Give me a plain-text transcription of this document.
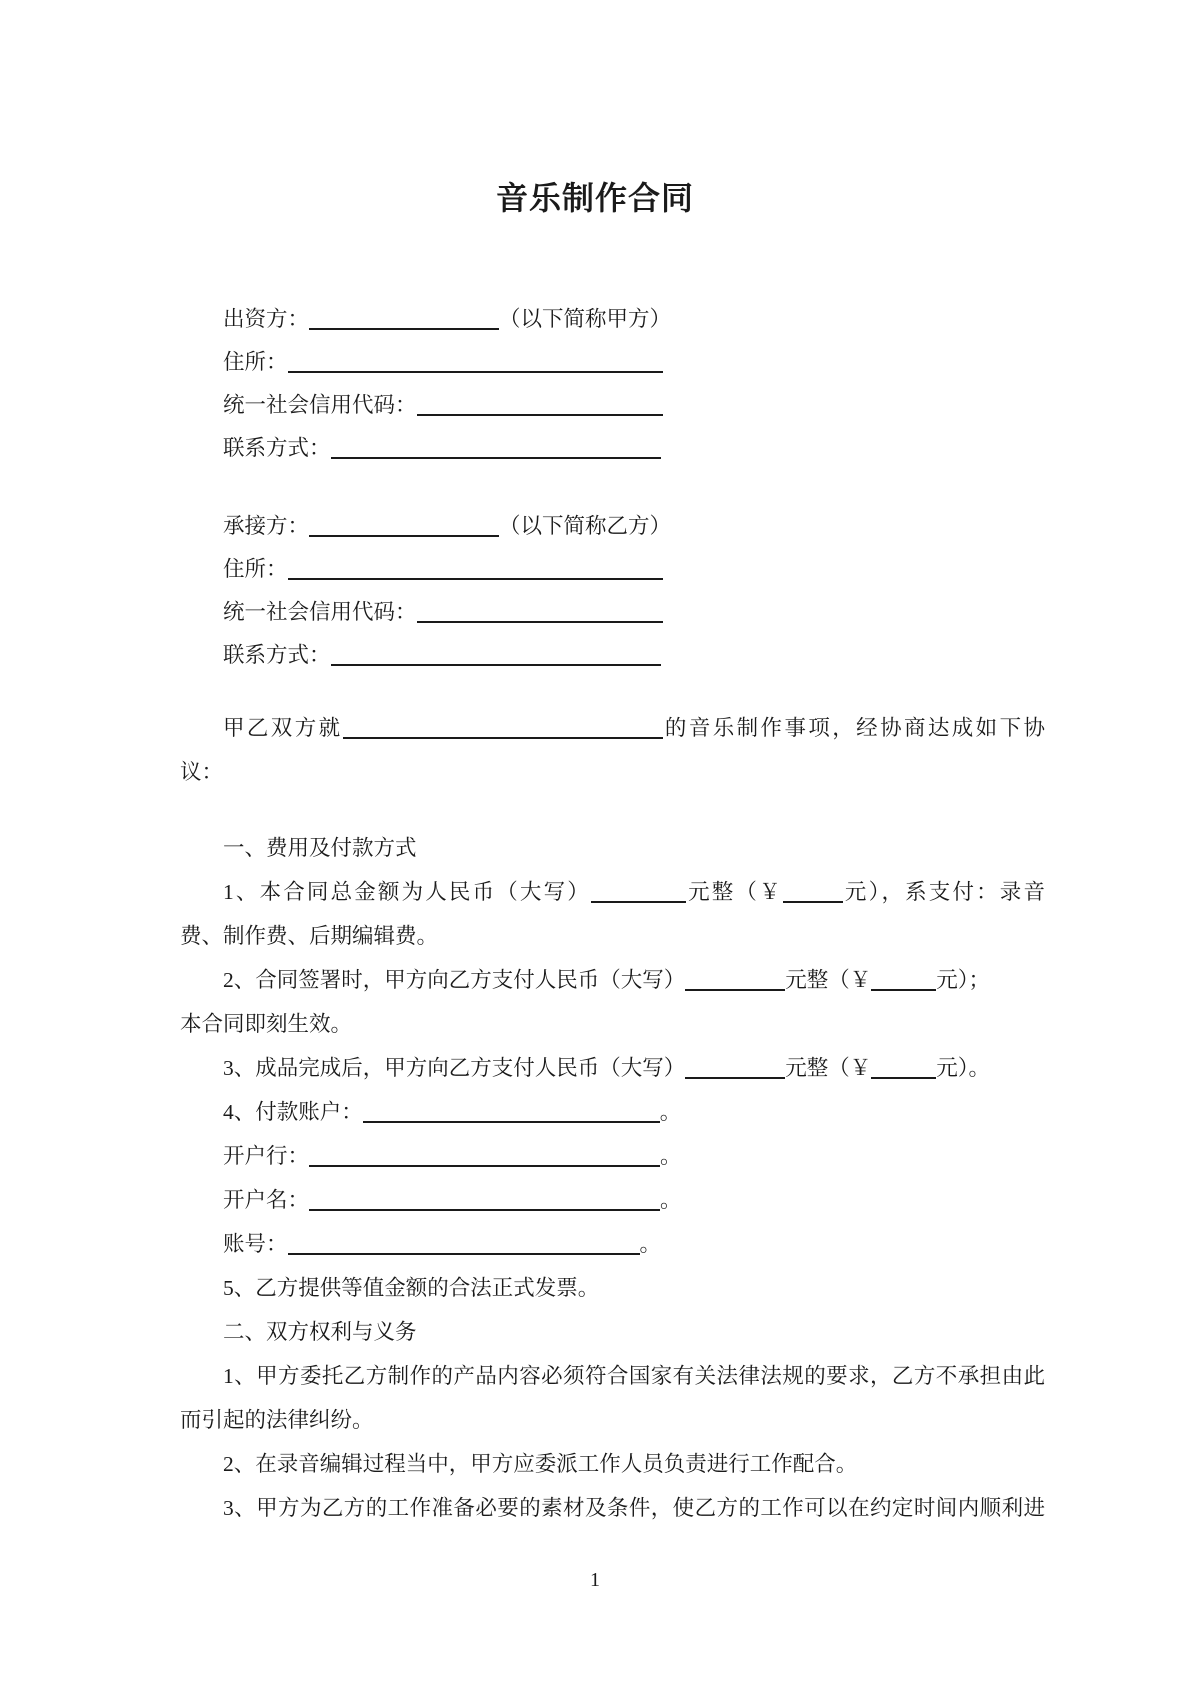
音乐制作合同
出资方：	（以下简称甲方）
住所：
统一社会信用代码：
联系方式：
承接方：	（以下简称乙方）
住所：
统一社会信用代码：
联系方式：
甲乙双方就	的音乐制作事项，经协商达成如下协
议：
一、费用及付款方式
1、本合同总金额为人民币（大写）	元整（￥	元），系支付：录音
费、制作费、后期编辑费。
2、合同签署时，甲方向乙方支付人民币（大写）	元整（￥	元）；
本合同即刻生效。
3、成品完成后，甲方向乙方支付人民币（大写）	元整（￥	元）。
4、付款账户：	。
开户行：	。
开户名：	。
账号：	。
5、乙方提供等值金额的合法正式发票。
二、双方权利与义务
1、甲方委托乙方制作的产品内容必须符合国家有关法律法规的要求，乙方不承担由此
而引起的法律纠纷。
2、在录音编辑过程当中，甲方应委派工作人员负责进行工作配合。
3、甲方为乙方的工作准备必要的素材及条件，使乙方的工作可以在约定时间内顺利进
1
